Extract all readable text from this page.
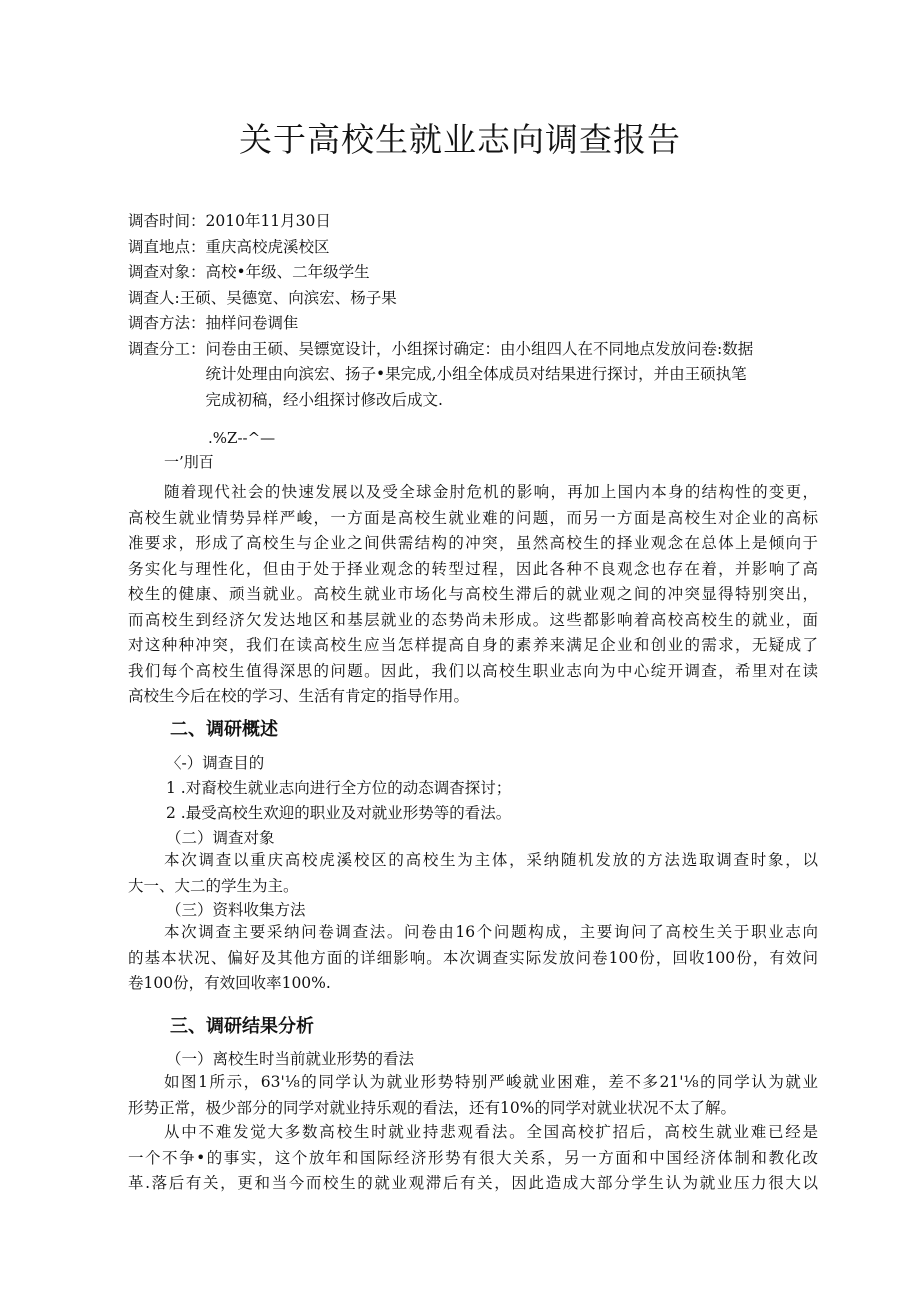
关于高校生就业志向调查报告
调杳时间：2010年11月30日
调直地点：重庆高校虎溪校区
调查对象：高校•年级、二年级学生
调查人:王硕、吴德宽、向滨宏、杨子果
调杳方法：抽样问卷调隹
调查分工： 问卷由王硕、吴镖宽设计，小组探讨确定：由小组四人在不同地点发放问卷:数据
统计处理由向滨宏、扬子•果完成,小组全体成员对结果进行探讨，并由王硕执笔
完成初稿，经小组探讨修改后成文.
.%Z--^—
一’刖百
随着现代社会的快速发展以及受全球金肘危机的影响，再加上国内本身的结构性的变更，
高校生就业情势异样严峻，一方面是高校生就业难的问题，而另一方面是高校生对企业的高标
准要求，形成了高校生与企业之间供需结构的冲突，虽然高校生的择业观念在总体上是倾向于
务实化与理性化，但由于处于择业观念的转型过程，因此各种不良观念也存在着，并影响了高
校生的健康、顽当就业。高校生就业市场化与高校生滞后的就业观之间的冲突显得特别突出，
而高校生到经济欠发达地区和基层就业的态势尚未形成。这些都影响着高校高校生的就业，面
对这种种冲突，我们在读高校生应当怎样提高自身的素养来满足企业和创业的需求，无疑成了
我们每个高校生值得深思的问题。因此，我们以高校生职业志向为中心绽开调查，希里对在读
高校生今后在校的学习、生活有肯定的指导作用。
二、调研概述
〈-）调查目的
1 .对裔校生就业志向进行全方位的动态调杳探讨；
2 .最受高校生欢迎的职业及对就业形势等的看法。
（二）调查对象
本次调查以重庆高校虎溪校区的高校生为主体，采纳随机发放的方法选取调查时象，以
大一、大二的学生为主。
（三）资料收集方法
本次调查主要采纳问卷调查法。问卷由16个问题构成，主要询问了高校生关于职业志向
的基本状况、偏好及其他方面的详细影响。本次调查实际发放问卷100份，回收100份，有效问
卷100份，有效回收率100%.
三、调研结果分析
（一）离校生时当前就业形势的看法
如图1所示，63'⅛的同学认为就业形势特别严峻就业困难，差不多21'⅛的同学认为就业
形势正常，极少部分的同学对就业持乐观的看法，还有10%的同学对就业状况不太了解。
从中不难发觉大多数高校生时就业持悲观看法。全国高校扩招后，高校生就业难已经是
一个不争•的事实，这个放年和国际经济形势有很大关系，另一方面和中国经济体制和教化改
革.落后有关，更和当今而校生的就业观滞后有关，因此造成大部分学生认为就业压力很大以
